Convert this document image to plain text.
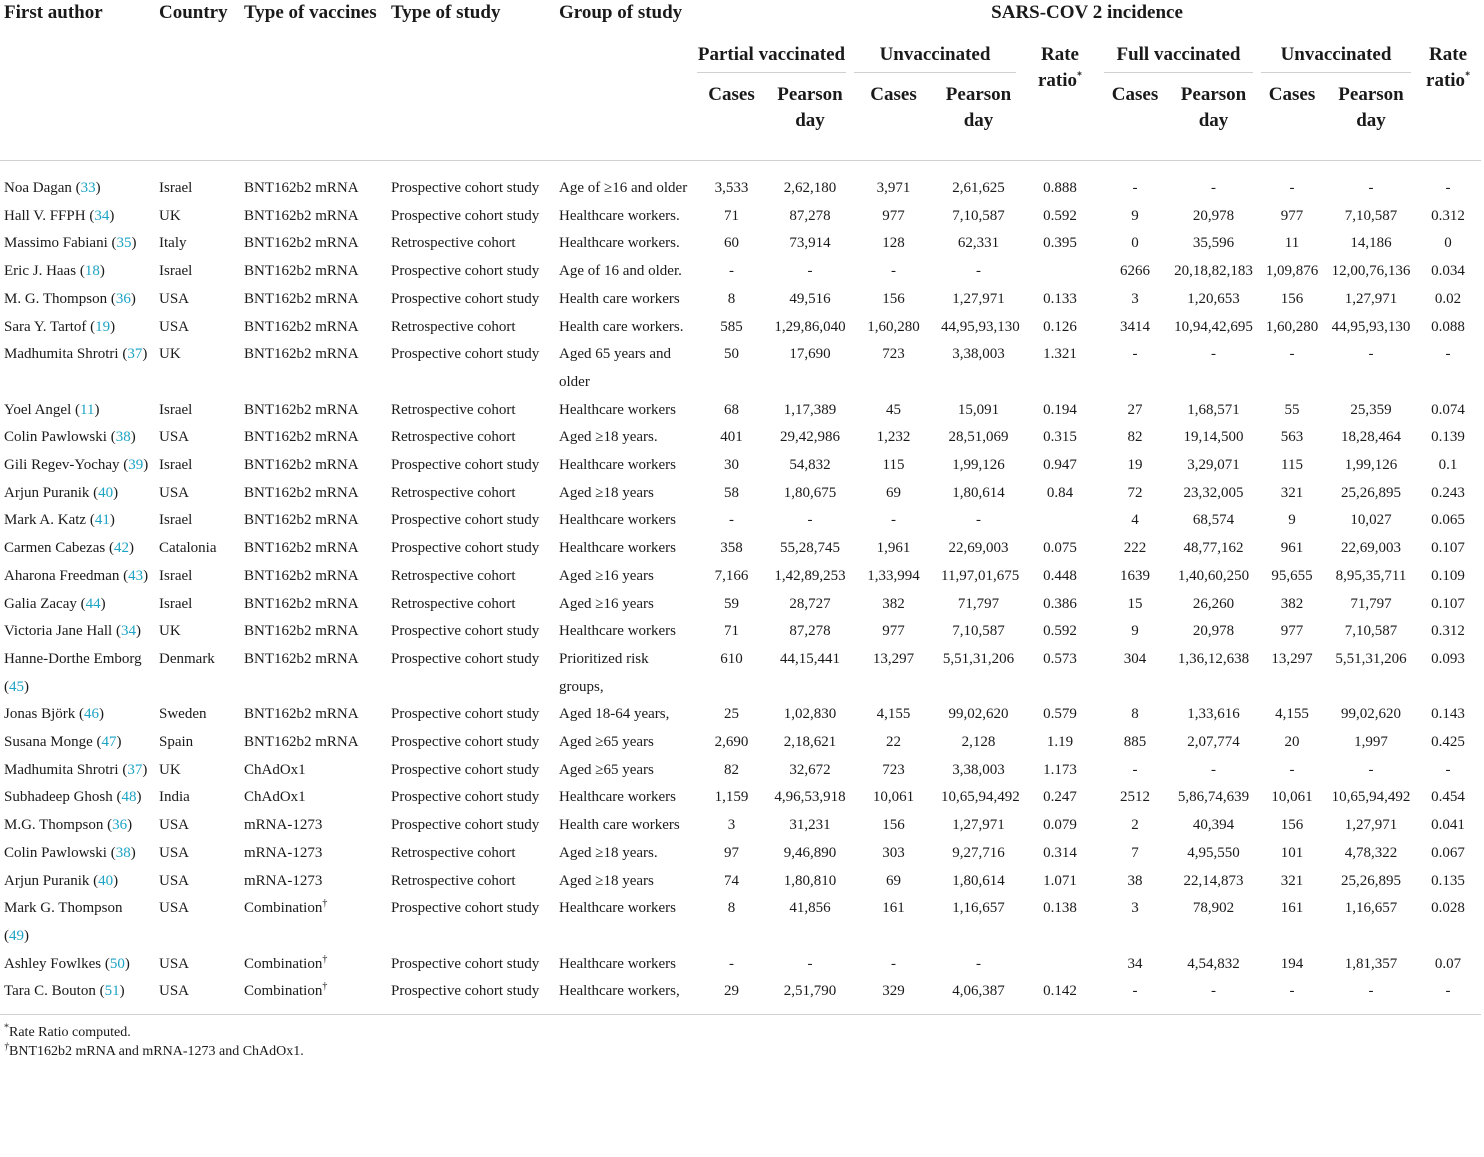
First author	Country	Type of vaccines	Type of study	Group of study	SARS-COV 2 incidence									

					Partial vaccinated		Unvaccinated		Rate ratio*	Full vaccinated		Unvaccinated		Rate ratio*
					Cases	Pearson day	Cases	Pearson day		Cases	Pearson day	Cases	Pearson day	
Noa Dagan (33)	Israel	BNT162b2 mRNA	Prospective cohort study	Age of ≥16 and older	3,533	2,62,180	3,971	2,61,625	0.888	-	-	-	-	-
Hall V. FFPH (34)	UK	BNT162b2 mRNA	Prospective cohort study	Healthcare workers.	71	87,278	977	7,10,587	0.592	9	20,978	977	7,10,587	0.312
Massimo Fabiani (35)	Italy	BNT162b2 mRNA	Retrospective cohort	Healthcare workers.	60	73,914	128	62,331	0.395	0	35,596	11	14,186	0
Eric J. Haas (18)	Israel	BNT162b2 mRNA	Prospective cohort study	Age of 16 and older.	-	-	-	-		6266	20,18,82,183	1,09,876	12,00,76,136	0.034
M. G. Thompson (36)	USA	BNT162b2 mRNA	Prospective cohort study	Health care workers	8	49,516	156	1,27,971	0.133	3	1,20,653	156	1,27,971	0.02
Sara Y. Tartof (19)	USA	BNT162b2 mRNA	Retrospective cohort	Health care workers.	585	1,29,86,040	1,60,280	44,95,93,130	0.126	3414	10,94,42,695	1,60,280	44,95,93,130	0.088
Madhumita Shrotri (37)	UK	BNT162b2 mRNA	Prospective cohort study	Aged 65 years and older	50	17,690	723	3,38,003	1.321	-	-	-	-	-
Yoel Angel (11)	Israel	BNT162b2 mRNA	Retrospective cohort	Healthcare workers	68	1,17,389	45	15,091	0.194	27	1,68,571	55	25,359	0.074
Colin Pawlowski (38)	USA	BNT162b2 mRNA	Retrospective cohort	Aged ≥18 years.	401	29,42,986	1,232	28,51,069	0.315	82	19,14,500	563	18,28,464	0.139
Gili Regev-Yochay (39)	Israel	BNT162b2 mRNA	Prospective cohort study	Healthcare workers	30	54,832	115	1,99,126	0.947	19	3,29,071	115	1,99,126	0.1
Arjun Puranik (40)	USA	BNT162b2 mRNA	Retrospective cohort	Aged ≥18 years	58	1,80,675	69	1,80,614	0.84	72	23,32,005	321	25,26,895	0.243
Mark A. Katz (41)	Israel	BNT162b2 mRNA	Prospective cohort study	Healthcare workers	-	-	-	-		4	68,574	9	10,027	0.065
Carmen Cabezas (42)	Catalonia	BNT162b2 mRNA	Prospective cohort study	Healthcare workers	358	55,28,745	1,961	22,69,003	0.075	222	48,77,162	961	22,69,003	0.107
Aharona Freedman (43)	Israel	BNT162b2 mRNA	Retrospective cohort	Aged ≥16 years	7,166	1,42,89,253	1,33,994	11,97,01,675	0.448	1639	1,40,60,250	95,655	8,95,35,711	0.109
Galia Zacay (44)	Israel	BNT162b2 mRNA	Retrospective cohort	Aged ≥16 years	59	28,727	382	71,797	0.386	15	26,260	382	71,797	0.107
Victoria Jane Hall (34)	UK	BNT162b2 mRNA	Prospective cohort study	Healthcare workers	71	87,278	977	7,10,587	0.592	9	20,978	977	7,10,587	0.312
Hanne-Dorthe Emborg (45)	Denmark	BNT162b2 mRNA	Prospective cohort study	Prioritized risk groups,	610	44,15,441	13,297	5,51,31,206	0.573	304	1,36,12,638	13,297	5,51,31,206	0.093
Jonas Björk (46)	Sweden	BNT162b2 mRNA	Prospective cohort study	Aged 18-64 years,	25	1,02,830	4,155	99,02,620	0.579	8	1,33,616	4,155	99,02,620	0.143
Susana Monge (47)	Spain	BNT162b2 mRNA	Prospective cohort study	Aged ≥65 years	2,690	2,18,621	22	2,128	1.19	885	2,07,774	20	1,997	0.425
Madhumita Shrotri (37)	UK	ChAdOx1	Prospective cohort study	Aged ≥65 years	82	32,672	723	3,38,003	1.173	-	-	-	-	-
Subhadeep Ghosh (48)	India	ChAdOx1	Prospective cohort study	Healthcare workers	1,159	4,96,53,918	10,061	10,65,94,492	0.247	2512	5,86,74,639	10,061	10,65,94,492	0.454
M.G. Thompson (36)	USA	mRNA-1273	Prospective cohort study	Health care workers	3	31,231	156	1,27,971	0.079	2	40,394	156	1,27,971	0.041
Colin Pawlowski (38)	USA	mRNA-1273	Retrospective cohort	Aged ≥18 years.	97	9,46,890	303	9,27,716	0.314	7	4,95,550	101	4,78,322	0.067
Arjun Puranik (40)	USA	mRNA-1273	Retrospective cohort	Aged ≥18 years	74	1,80,810	69	1,80,614	1.071	38	22,14,873	321	25,26,895	0.135
Mark G. Thompson (49)	USA	Combination†	Prospective cohort study	Healthcare workers	8	41,856	161	1,16,657	0.138	3	78,902	161	1,16,657	0.028
Ashley Fowlkes (50)	USA	Combination†	Prospective cohort study	Healthcare workers	-	-	-	-		34	4,54,832	194	1,81,357	0.07
Tara C. Bouton (51)	USA	Combination†	Prospective cohort study	Healthcare workers,	29	2,51,790	329	4,06,387	0.142	-	-	-	-	-
*Rate Ratio computed.
†BNT162b2 mRNA and mRNA-1273 and ChAdOx1.
